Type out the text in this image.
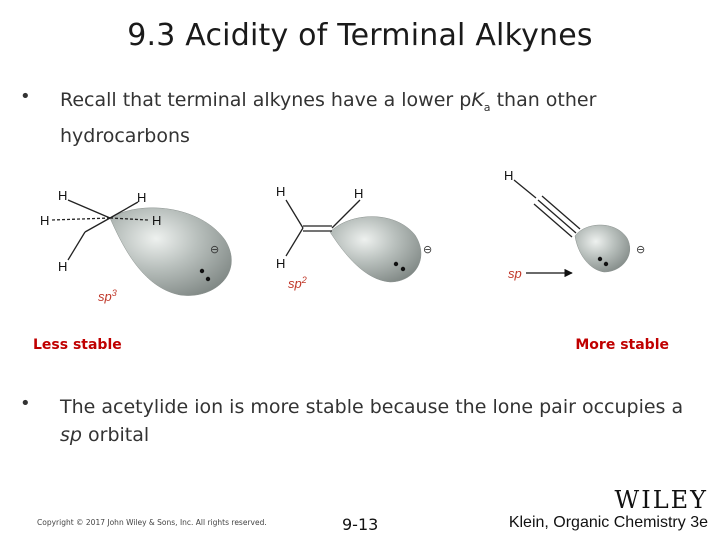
9.3 Acidity of Terminal Alkynes
• Recall that terminal alkynes have a lower $pK_a$ than other hydrocarbons
H	H
H	H
H
⊖
$sp^3$
H	H
H
⊖
$sp^2$
H
⊖
sp
Less stable	More stable
• The acetylide ion is more stable because the lone pair occupies a sp orbital
Copyright © 2017 John Wiley & Sons, Inc. All rights reserved.	9-13
WILEY
Klein, Organic Chemistry 3e
